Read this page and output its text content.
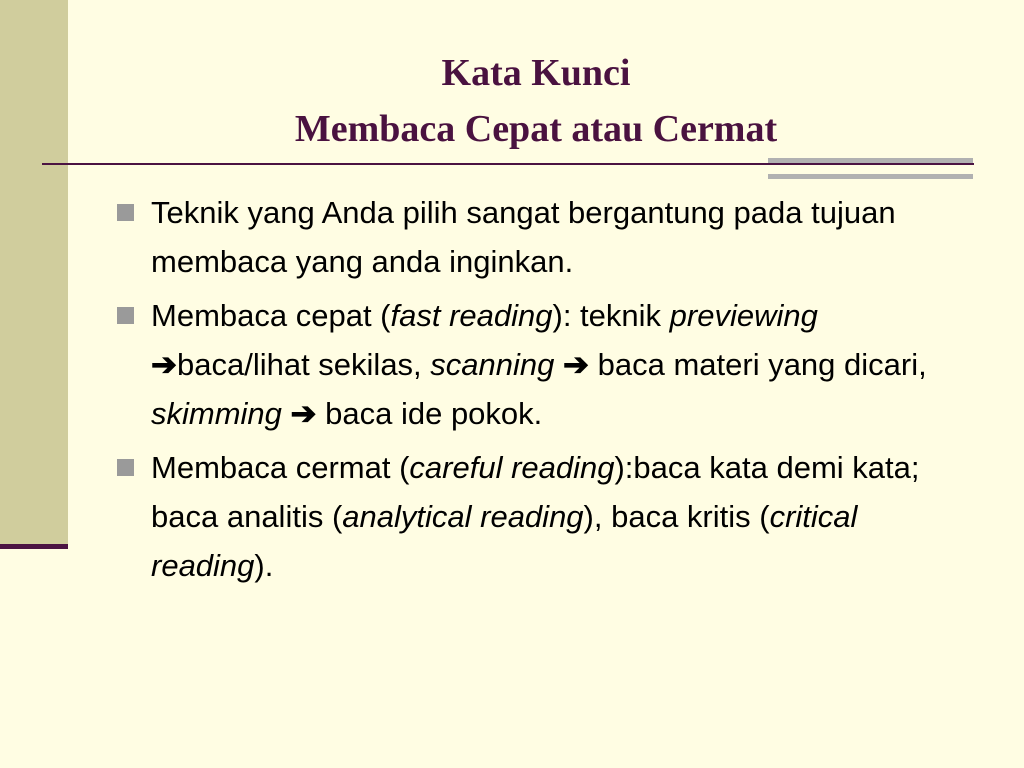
Kata Kunci
Membaca Cepat atau Cermat
Teknik yang Anda pilih sangat bergantung pada tujuan membaca yang anda inginkan.
Membaca cepat (fast reading): teknik previewing ➔baca/lihat sekilas, scanning ➔ baca materi yang dicari, skimming ➔ baca ide pokok.
Membaca cermat (careful reading):baca kata demi kata; baca analitis (analytical reading), baca kritis (critical reading).
